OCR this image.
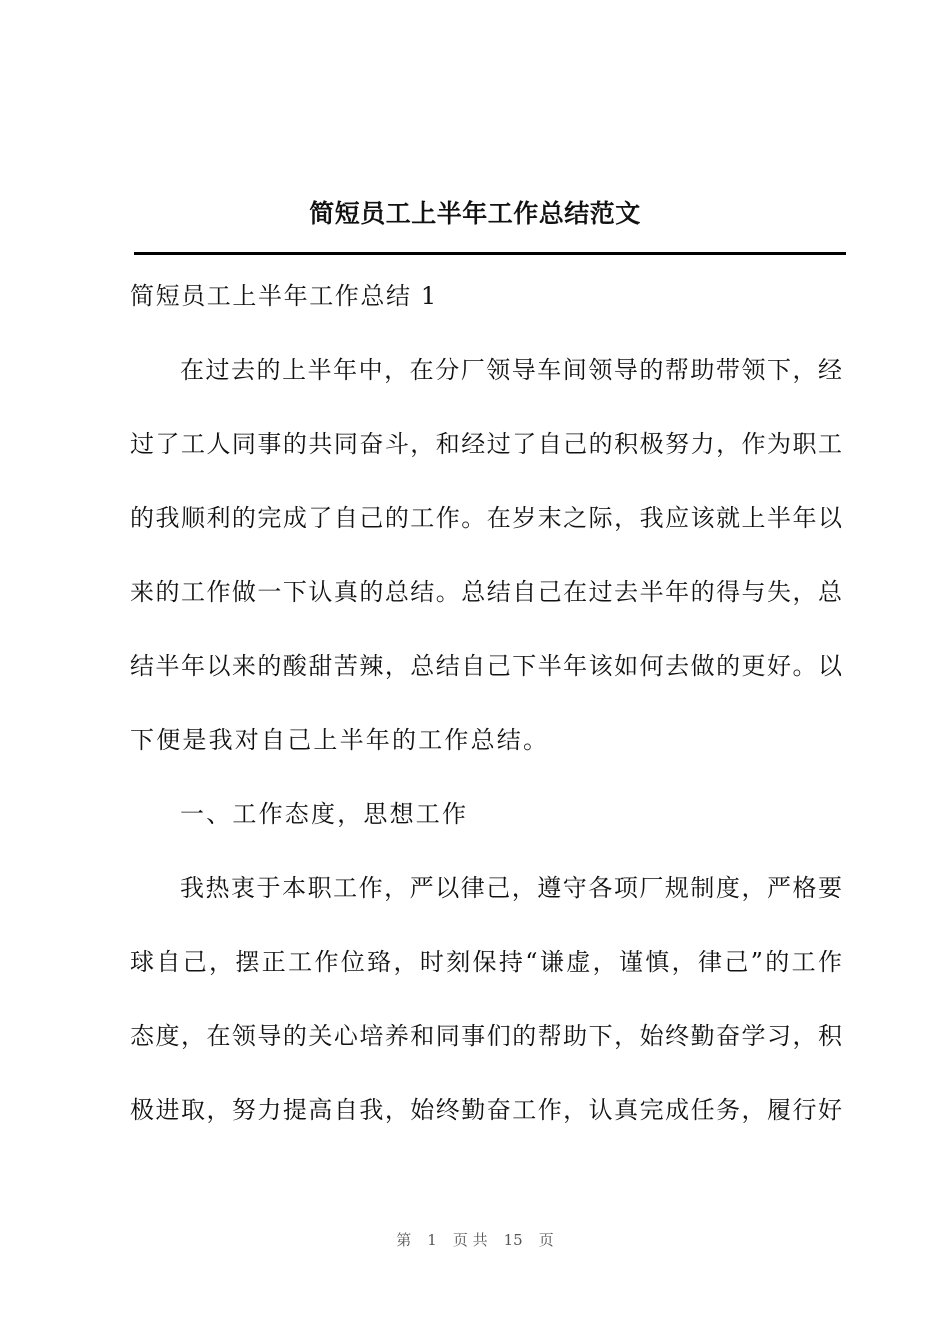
简短员工上半年工作总结范文
简短员工上半年工作总结 1
在过去的上半年中，在分厂领导车间领导的帮助带领下，经
过了工人同事的共同奋斗，和经过了自己的积极努力，作为职工
的我顺利的完成了自己的工作。在岁末之际，我应该就上半年以
来的工作做一下认真的总结。总结自己在过去半年的得与失，总
结半年以来的酸甜苦辣，总结自己下半年该如何去做的更好。以
下便是我对自己上半年的工作总结。
一、工作态度，思想工作
我热衷于本职工作，严以律己，遵守各项厂规制度，严格要
球自己，摆正工作位臵，时刻保持“谦虚，谨慎，律己”的工作
态度，在领导的关心培养和同事们的帮助下，始终勤奋学习，积
极进取，努力提高自我，始终勤奋工作，认真完成任务，履行好
第 1 页 共 15 页
